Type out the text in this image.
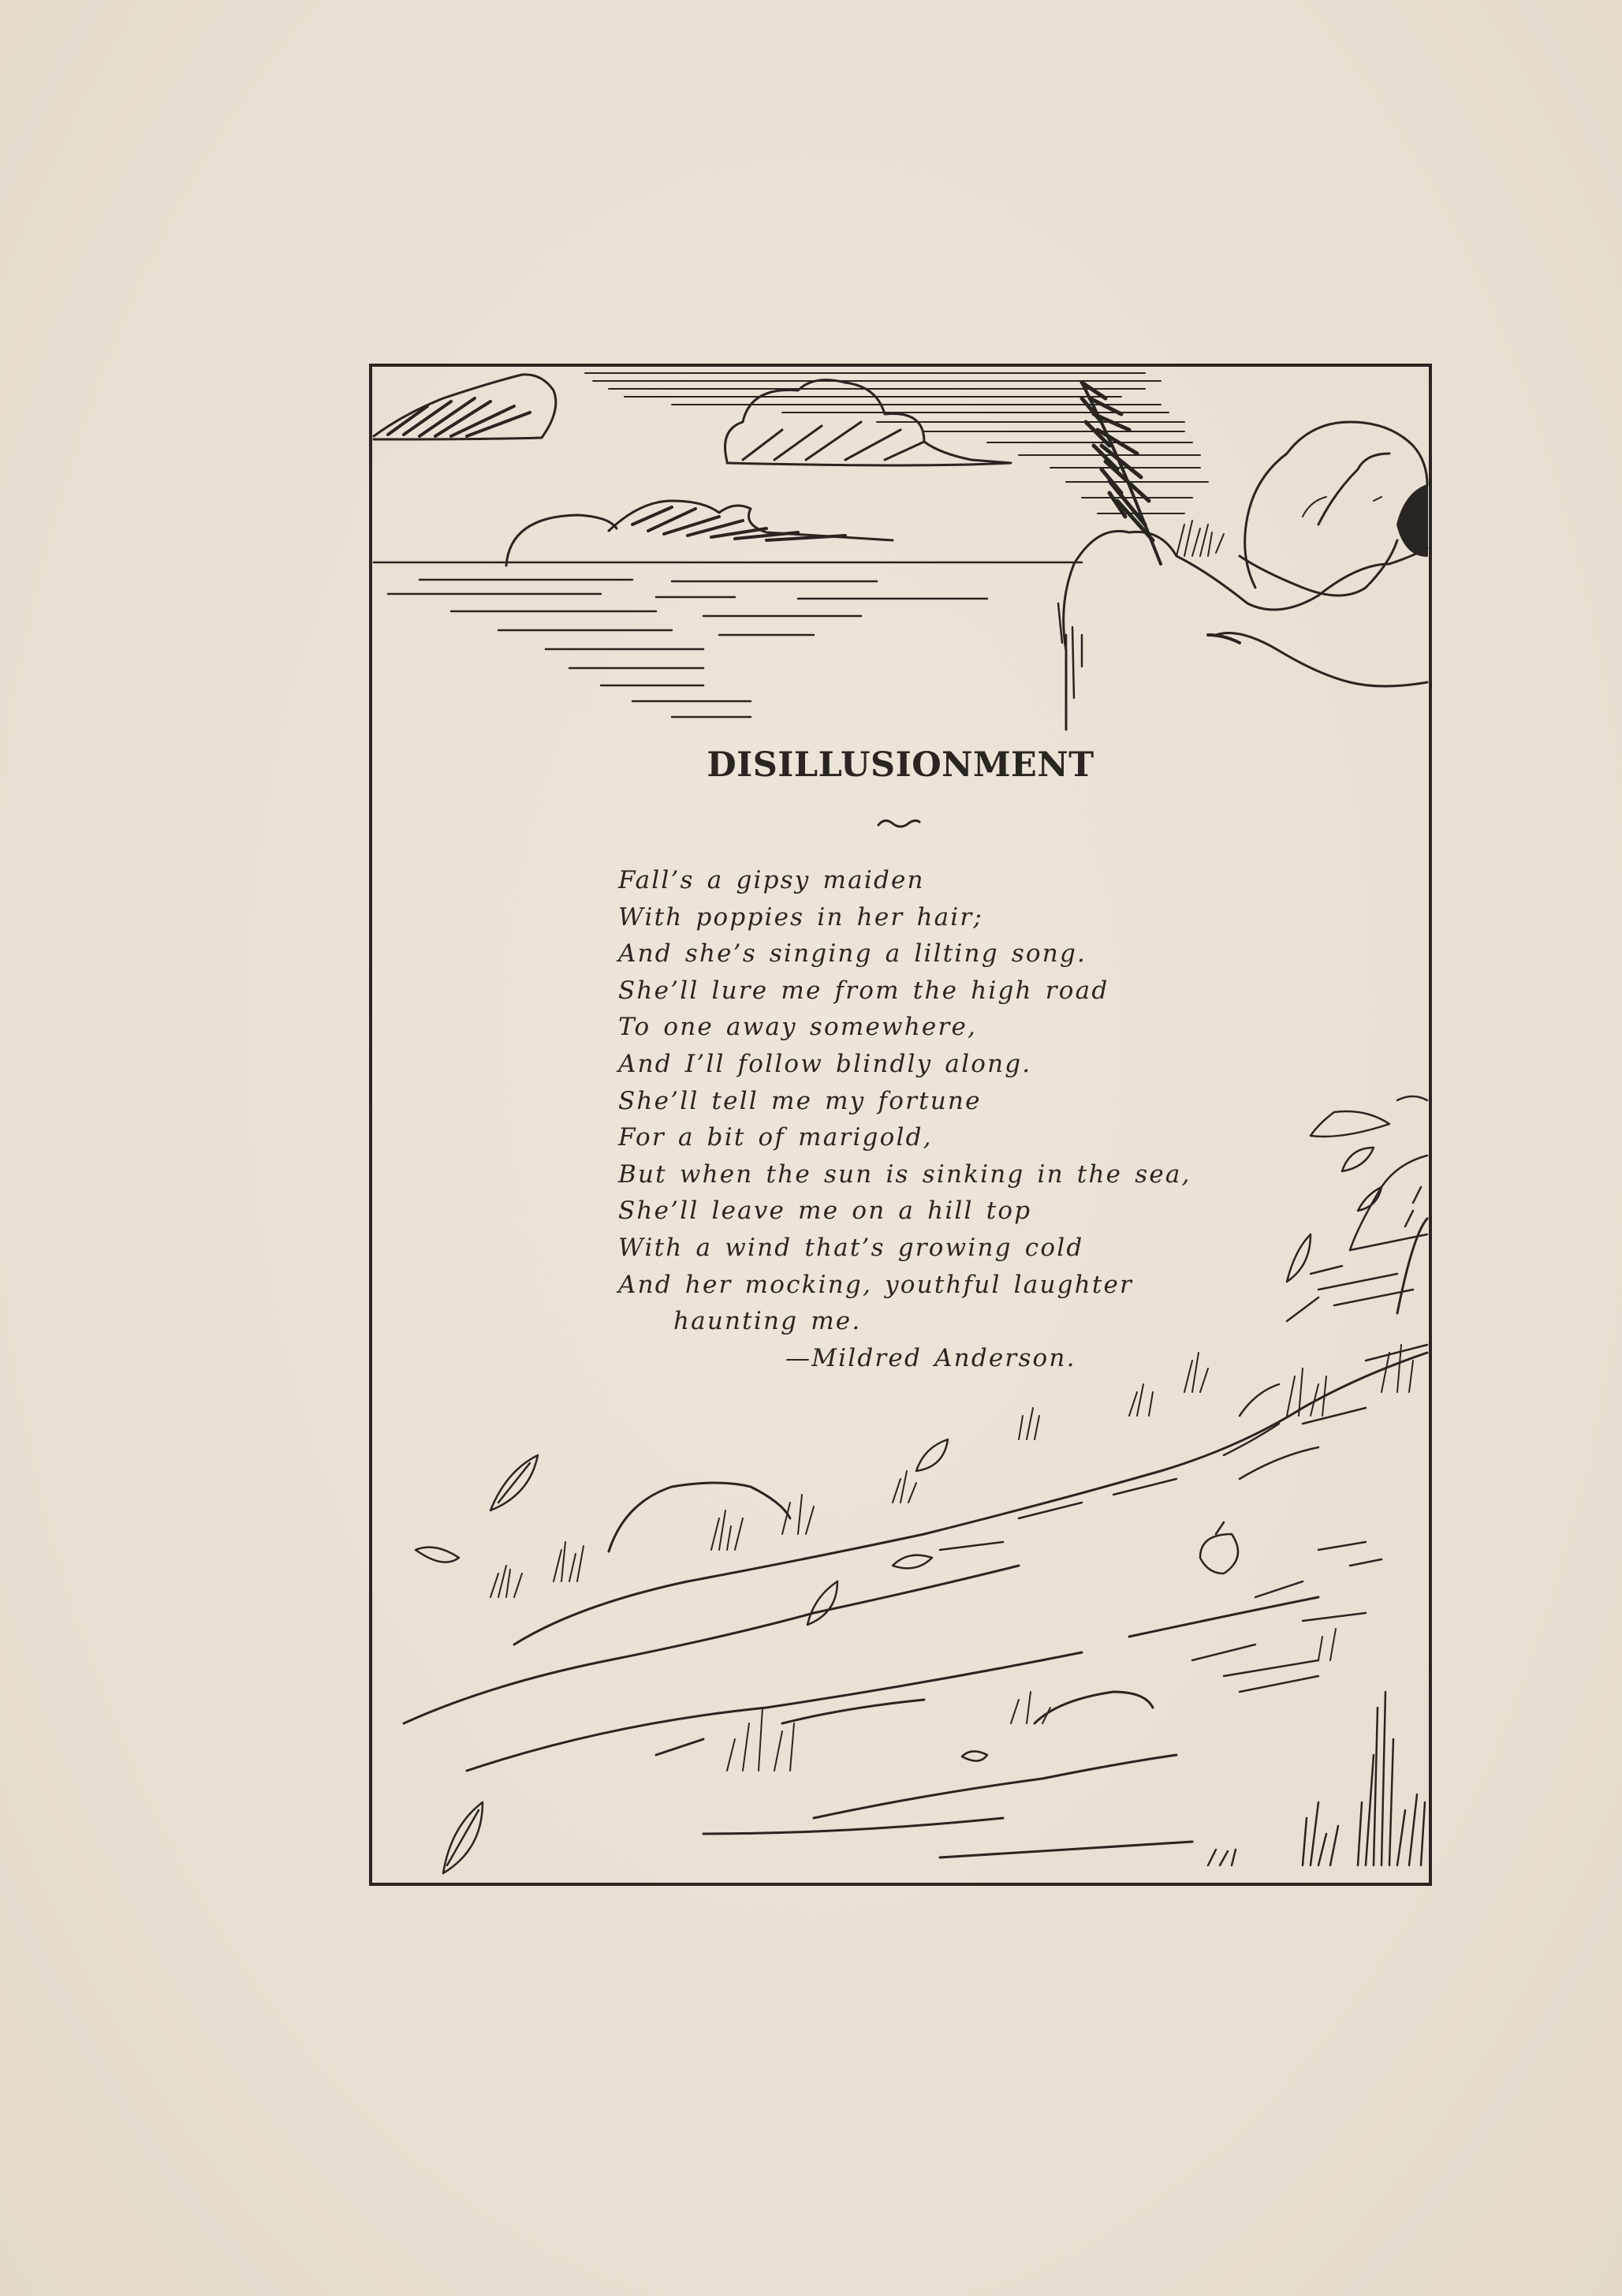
DISILLUSIONMENT
Fall’s a gipsy maiden
With poppies in her hair;
And she’s singing a lilting song.
She’ll lure me from the high road
To one away somewhere,
And I’ll follow blindly along.
She’ll tell me my fortune
For a bit of marigold,
But when the sun is sinking in the sea,
She’ll leave me on a hill top
With a wind that’s growing cold
And her mocking, youthful laughter
haunting me.
—Mildred Anderson.
